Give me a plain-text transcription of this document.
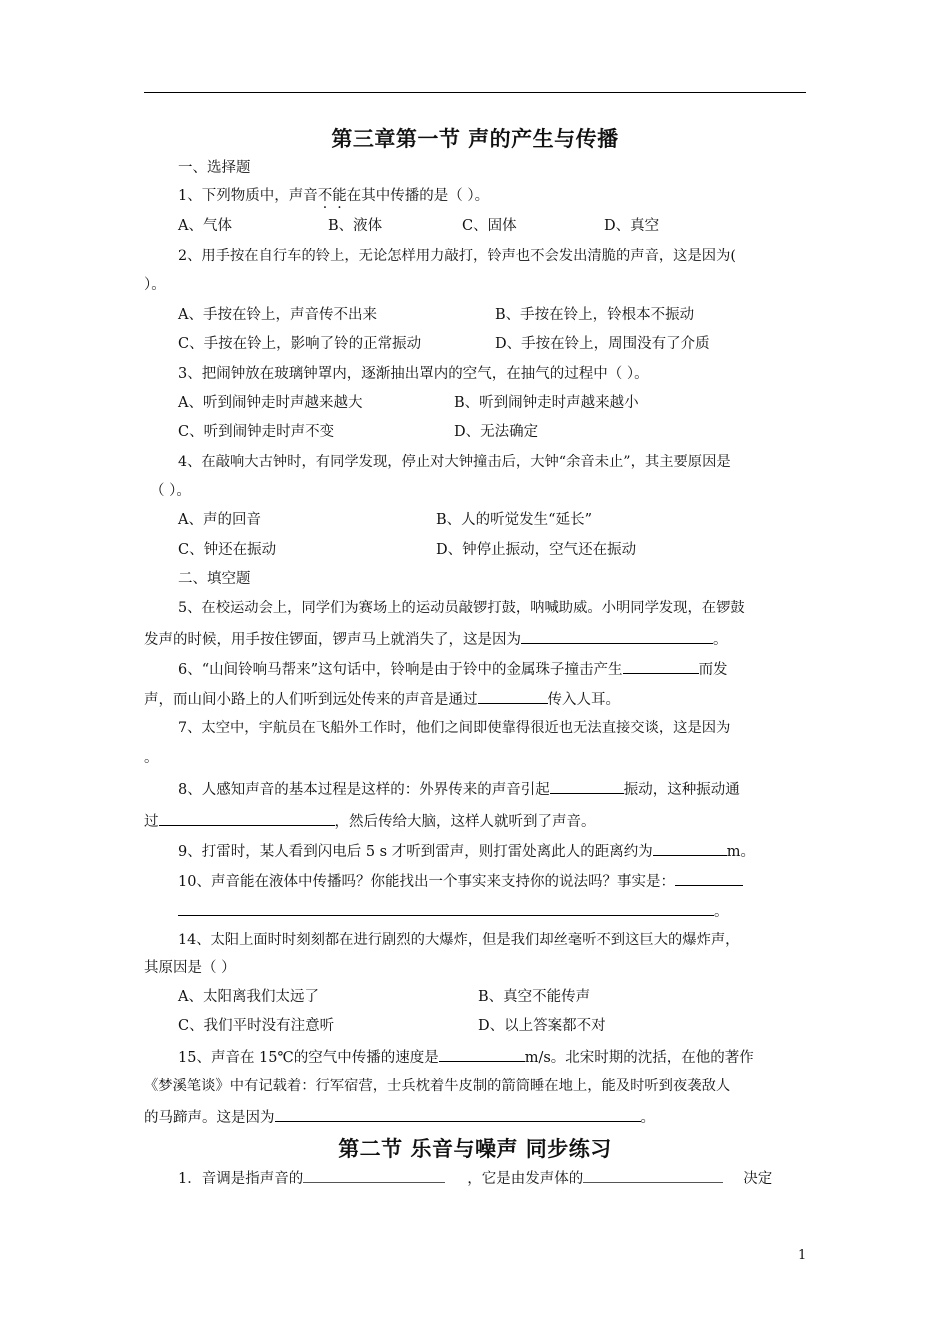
第三章第一节 声的产生与传播
一、选择题
1、下列物质中，声音不能在其中传播的是（ ）。
A、气体	B、液体	C、固体	D、真空
2、用手按在自行车的铃上，无论怎样用力敲打，铃声也不会发出清脆的声音，这是因为(
）。
A、手按在铃上，声音传不出来	B、手按在铃上，铃根本不振动
C、手按在铃上，影响了铃的正常振动	D、手按在铃上，周围没有了介质
3、把闹钟放在玻璃钟罩内，逐渐抽出罩内的空气，在抽气的过程中（ ）。
A、听到闹钟走时声越来越大	B、听到闹钟走时声越来越小
C、听到闹钟走时声不变	D、无法确定
4、在敲响大古钟时，有同学发现，停止对大钟撞击后，大钟“余音未止”，其主要原因是
（ ）。
A、声的回音	B、人的听觉发生“延长”
C、钟还在振动	D、钟停止振动，空气还在振动
二、填空题
5、在校运动会上，同学们为赛场上的运动员敲锣打鼓，呐喊助威。小明同学发现，在锣鼓
发声的时候，用手按住锣面，锣声马上就消失了，这是因为	。
6、“山间铃响马帮来”这句话中，铃响是由于铃中的金属珠子撞击产生	而发
声，而山间小路上的人们听到远处传来的声音是通过	传入人耳。
7、太空中，宇航员在飞船外工作时，他们之间即使靠得很近也无法直接交谈，这是因为
。
8、人感知声音的基本过程是这样的：外界传来的声音引起	振动，这种振动通
过	，然后传给大脑，这样人就听到了声音。
9、打雷时，某人看到闪电后 5 s 才听到雷声，则打雷处离此人的距离约为	m。
10、声音能在液体中传播吗？你能找出一个事实来支持你的说法吗？事实是：
。
14、太阳上面时时刻刻都在进行剧烈的大爆炸，但是我们却丝毫听不到这巨大的爆炸声，
其原因是（ ）
A、太阳离我们太远了	B、真空不能传声
C、我们平时没有注意听	D、以上答案都不对
15、声音在 15℃的空气中传播的速度是	m/s。北宋时期的沈括，在他的著作
《梦溪笔谈》中有记载着：行军宿营，士兵枕着牛皮制的箭筒睡在地上，能及时听到夜袭敌人
的马蹄声。这是因为	。
第二节 乐音与噪声 同步练习
1．音调是指声音的	，它是由发声体的	决定
1
